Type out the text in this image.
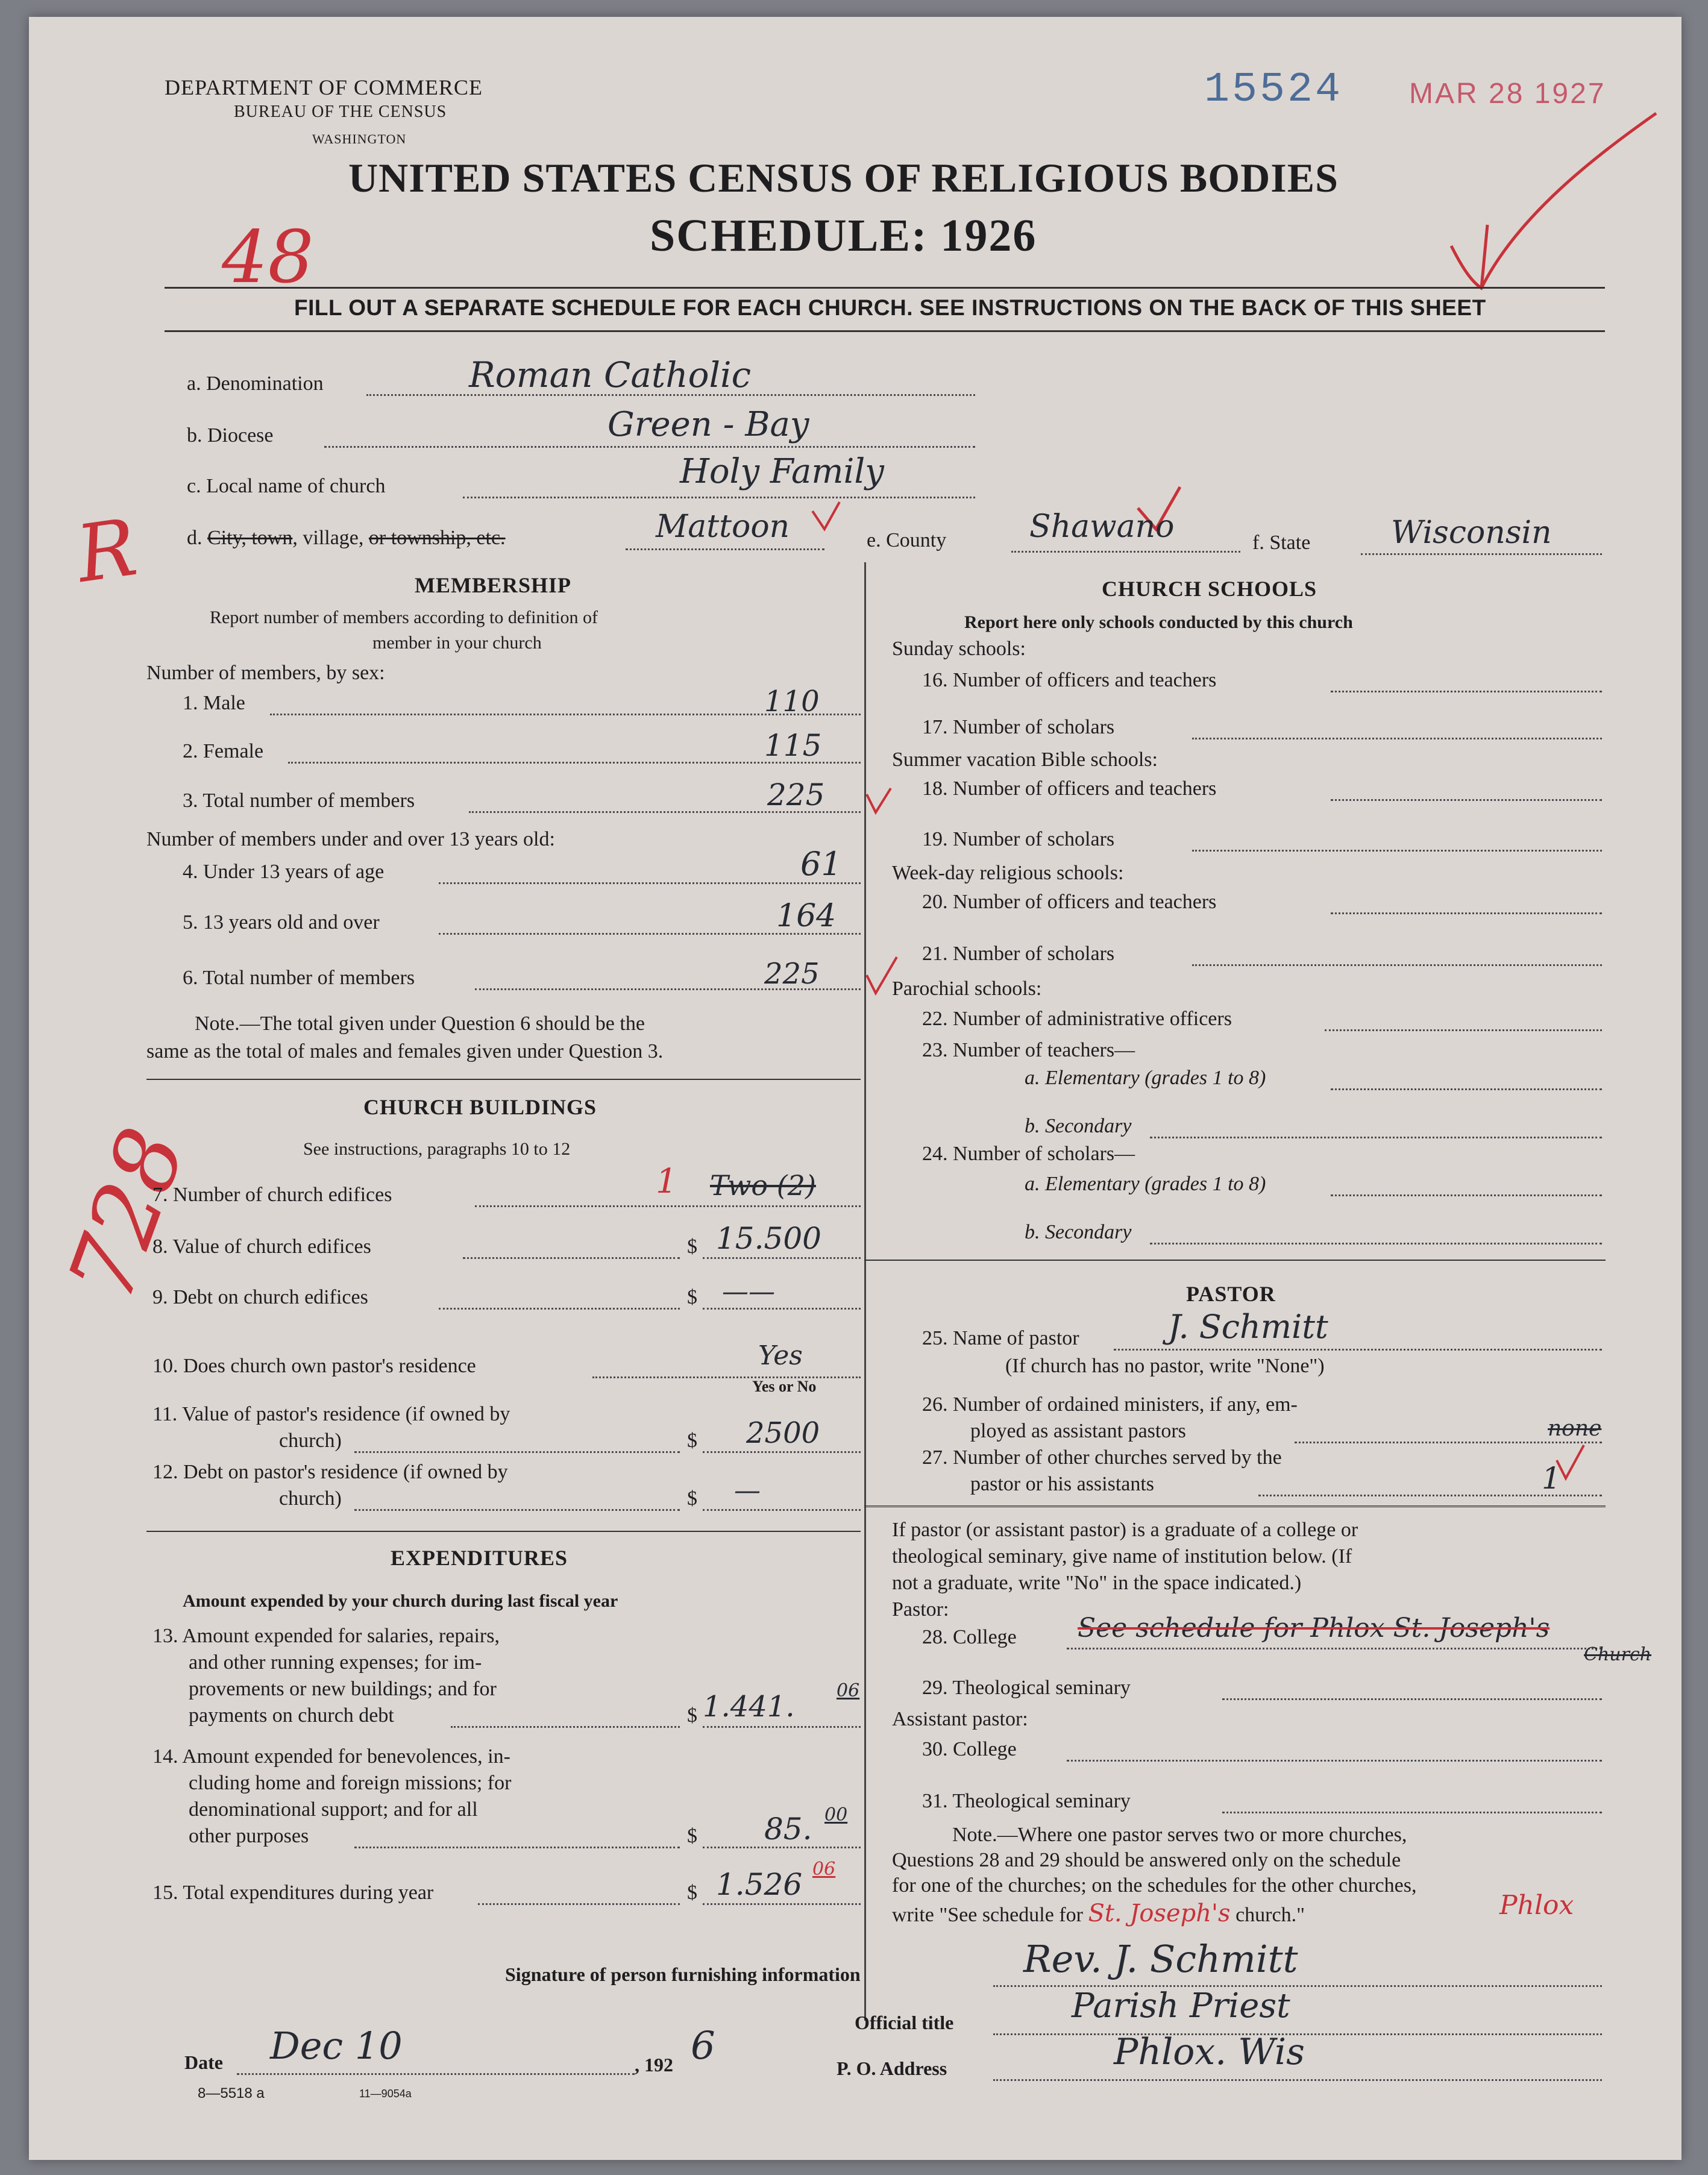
DEPARTMENT OF COMMERCE
BUREAU OF THE CENSUS
WASHINGTON
15524 MAR 28 1927
UNITED STATES CENSUS OF RELIGIOUS BODIES
SCHEDULE: 1926
48
R
728
FILL OUT A SEPARATE SCHEDULE FOR EACH CHURCH. SEE INSTRUCTIONS ON THE BACK OF THIS SHEET
a. Denomination	Roman Catholic
b. Diocese	Green - Bay
c. Local name of church	Holy Family
d. City, town, village, or township, etc.	Mattoon	e. County	Shawano	f. State	Wisconsin
MEMBERSHIP
Report number of members according to definition of
member in your church
Number of members, by sex:
1. Male	110
2. Female	115
3. Total number of members	225
Number of members under and over 13 years old:
4. Under 13 years of age	61
5. 13 years old and over	164
6. Total number of members	225
Note.—The total given under Question 6 should be the
same as the total of males and females given under Question 3.
CHURCH BUILDINGS
See instructions, paragraphs 10 to 12
7. Number of church edifices	1 Two (2)
8. Value of church edifices	$ 15.500
9. Debt on church edifices	$ ——
10. Does church own pastor's residence	Yes
Yes or No
11. Value of pastor's residence (if owned by
church)	$ 2500
12. Debt on pastor's residence (if owned by
church)	$ —
EXPENDITURES
Amount expended by your church during last fiscal year
13. Amount expended for salaries, repairs,
and other running expenses; for im-
provements or new buildings; and for
payments on church debt	$ 1.441. 06
14. Amount expended for benevolences, in-
cluding home and foreign missions; for
denominational support; and for all
other purposes	$ 85. 00
15. Total expenditures during year	$ 1.526 06
CHURCH SCHOOLS
Report here only schools conducted by this church
Sunday schools:
16. Number of officers and teachers
17. Number of scholars
Summer vacation Bible schools:
18. Number of officers and teachers
19. Number of scholars
Week-day religious schools:
20. Number of officers and teachers
21. Number of scholars
Parochial schools:
22. Number of administrative officers
23. Number of teachers—
a. Elementary (grades 1 to 8)
b. Secondary
24. Number of scholars—
a. Elementary (grades 1 to 8)
b. Secondary
PASTOR
25. Name of pastor	J. Schmitt
(If church has no pastor, write "None")
26. Number of ordained ministers, if any, em-
ployed as assistant pastors	none
27. Number of other churches served by the
pastor or his assistants	1
If pastor (or assistant pastor) is a graduate of a college or
theological seminary, give name of institution below. (If
not a graduate, write "No" in the space indicated.)
Pastor:
28. College See schedule for Phlox St. Joseph's
Church
29. Theological seminary
Assistant pastor:
30. College
31. Theological seminary
Note.—Where one pastor serves two or more churches,
Questions 28 and 29 should be answered only on the schedule
for one of the churches; on the schedules for the other churches,
write "See schedule for St. Joseph's church."	Phlox
Signature of person furnishing information	Rev. J. Schmitt
Official title	Parish Priest
Date Dec 10	, 192 6	P. O. Address	Phlox. Wis
8—5518 a	11—9054a
